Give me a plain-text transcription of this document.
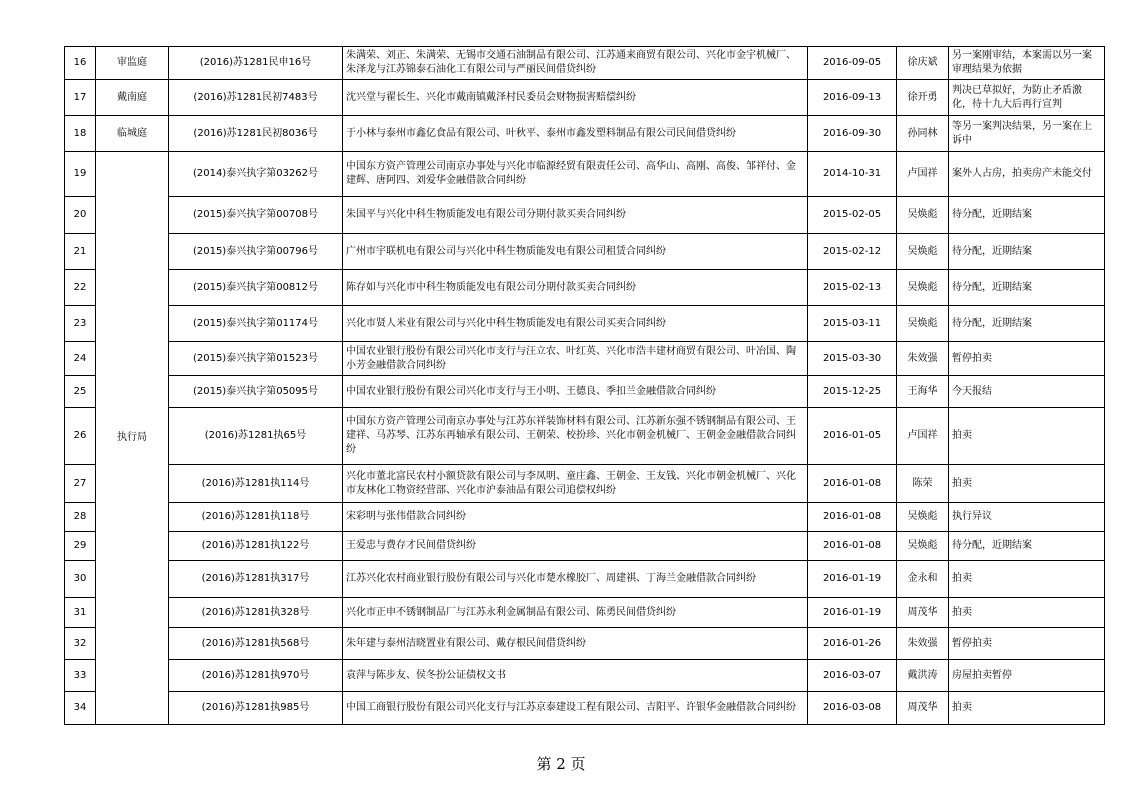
16	审监庭	(2016)苏1281民申16号	朱满荣、刘正、朱满荣、无锡市交通石油制品有限公司、江苏通来商贸有限公司、兴化市金宇机械厂、朱泽龙与江苏锦泰石油化工有限公司与严丽民间借贷纠纷	2016-09-05	徐庆斌	另一案刚审结，本案需以另一案审理结果为依据
17	戴南庭	(2016)苏1281民初7483号	沈兴堂与翟长生、兴化市戴南镇戴泽村民委员会财物损害赔偿纠纷	2016-09-13	徐开勇	判决已草拟好，为防止矛盾激化，待十九大后再行宣判
18	临城庭	(2016)苏1281民初8036号	于小林与泰州市鑫亿食品有限公司、叶秋平、泰州市鑫发塑料制品有限公司民间借贷纠纷	2016-09-30	孙同林	等另一案判决结果，另一案在上诉中
19	执行局	(2014)泰兴执字第03262号	中国东方资产管理公司南京办事处与兴化市临源经贸有限责任公司、高华山、高刚、高俊、邹祥付、金建辉、唐阿四、刘爱华金融借款合同纠纷	2014-10-31	卢国祥	案外人占房，拍卖房产未能交付
20		(2015)泰兴执字第00708号	朱国平与兴化中科生物质能发电有限公司分期付款买卖合同纠纷	2015-02-05	吴焕彪	待分配，近期结案
21		(2015)泰兴执字第00796号	广州市宇联机电有限公司与兴化中科生物质能发电有限公司租赁合同纠纷	2015-02-12	吴焕彪	待分配，近期结案
22		(2015)泰兴执字第00812号	陈存如与兴化市中科生物质能发电有限公司分期付款买卖合同纠纷	2015-02-13	吴焕彪	待分配，近期结案
23		(2015)泰兴执字第01174号	兴化市贤人米业有限公司与兴化中科生物质能发电有限公司买卖合同纠纷	2015-03-11	吴焕彪	待分配，近期结案
24		(2015)泰兴执字第01523号	中国农业银行股份有限公司兴化市支行与汪立农、叶红英、兴化市浩丰建材商贸有限公司、叶冶国、陶小芳金融借款合同纠纷	2015-03-30	朱效强	暂停拍卖
25		(2015)泰兴执字第05095号	中国农业银行股份有限公司兴化市支行与王小明、王德良、季扣兰金融借款合同纠纷	2015-12-25	王海华	今天报结
26		(2016)苏1281执65号	中国东方资产管理公司南京办事处与江苏东祥装饰材料有限公司、江苏新东强不锈钢制品有限公司、王建祥、马苏琴、江苏东再轴承有限公司、王朝荣、校扮珍、兴化市朝金机械厂、王朝金金融借款合同纠纷	2016-01-05	卢国祥	拍卖
27		(2016)苏1281执114号	兴化市董北富民农村小额贷款有限公司与李凤明、童庄鑫、王朝金、王友钱、兴化市朝金机械厂、兴化市友林化工物资经营部、兴化市沪泰油品有限公司追偿权纠纷	2016-01-08	陈荣	拍卖
28		(2016)苏1281执118号	宋彩明与张伟借款合同纠纷	2016-01-08	吴焕彪	执行异议
29		(2016)苏1281执122号	王爱忠与费存才民间借贷纠纷	2016-01-08	吴焕彪	待分配，近期结案
30		(2016)苏1281执317号	江苏兴化农村商业银行股份有限公司与兴化市楚水橡胶厂、周建祺、丁海兰金融借款合同纠纷	2016-01-19	金永和	拍卖
31		(2016)苏1281执328号	兴化市正申不锈钢制品厂与江苏永利金属制品有限公司、陈勇民间借贷纠纷	2016-01-19	周茂华	拍卖
32		(2016)苏1281执568号	朱年建与泰州洁晓置业有限公司、戴存根民间借贷纠纷	2016-01-26	朱效强	暂停拍卖
33		(2016)苏1281执970号	袁萍与陈步友、侯冬扮公证债权文书	2016-03-07	戴洪涛	房屋拍卖暂停
34		(2016)苏1281执985号	中国工商银行股份有限公司兴化支行与江苏京泰建设工程有限公司、吉阳平、许银华金融借款合同纠纷	2016-03-08	周茂华	拍卖
第 2 页
